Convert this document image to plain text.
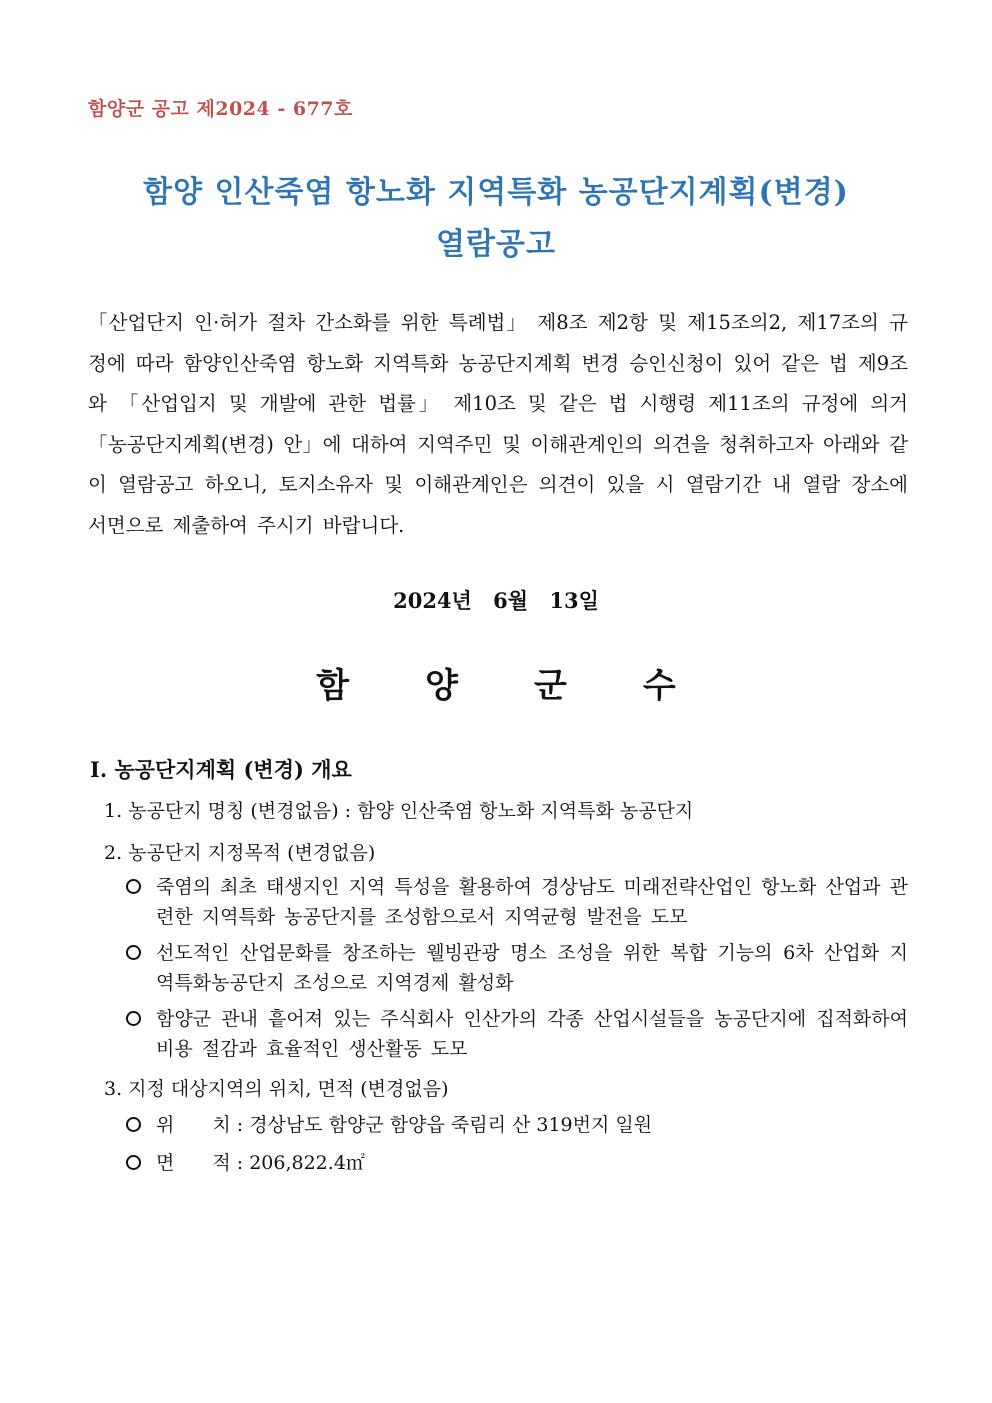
함양군 공고 제2024 - 677호
함양 인산죽염 항노화 지역특화 농공단지계획(변경)
열람공고

「산업단지 인·허가 절차 간소화를 위한 특례법」 제8조 제2항 및 제15조의2, 제17조의 규정에 따라 함양인산죽염 항노화 지역특화 농공단지계획 변경 승인신청이 있어 같은 법 제9조와 「산업입지 및 개발에 관한 법률」 제10조 및 같은 법 시행령 제11조의 규정에 의거 「농공단지계획(변경) 안」에 대하여 지역주민 및 이해관계인의 의견을 청취하고자 아래와 같이 열람공고 하오니, 토지소유자 및 이해관계인은 의견이 있을 시 열람기간 내 열람 장소에 서면으로 제출하여 주시기 바랍니다.

2024년 6월 13일
함 양 군 수
Ⅰ. 농공단지계획 (변경) 개요
1. 농공단지 명칭 (변경없음) : 함양 인산죽염 항노화 지역특화 농공단지
2. 농공단지 지정목적 (변경없음)
죽염의 최초 태생지인 지역 특성을 활용하여 경상남도 미래전략산업인 항노화 산업과 관련한 지역특화 농공단지를 조성함으로서 지역균형 발전을 도모
선도적인 산업문화를 창조하는 웰빙관광 명소 조성을 위한 복합 기능의 6차 산업화 지역특화농공단지 조성으로 지역경제 활성화
함양군 관내 흩어져 있는 주식회사 인산가의 각종 산업시설들을 농공단지에 집적화하여 비용 절감과 효율적인 생산활동 도모
3. 지정 대상지역의 위치, 면적 (변경없음)
위　　치 : 경상남도 함양군 함양읍 죽림리 산 319번지 일원
면　　적 : 206,822.4㎡
